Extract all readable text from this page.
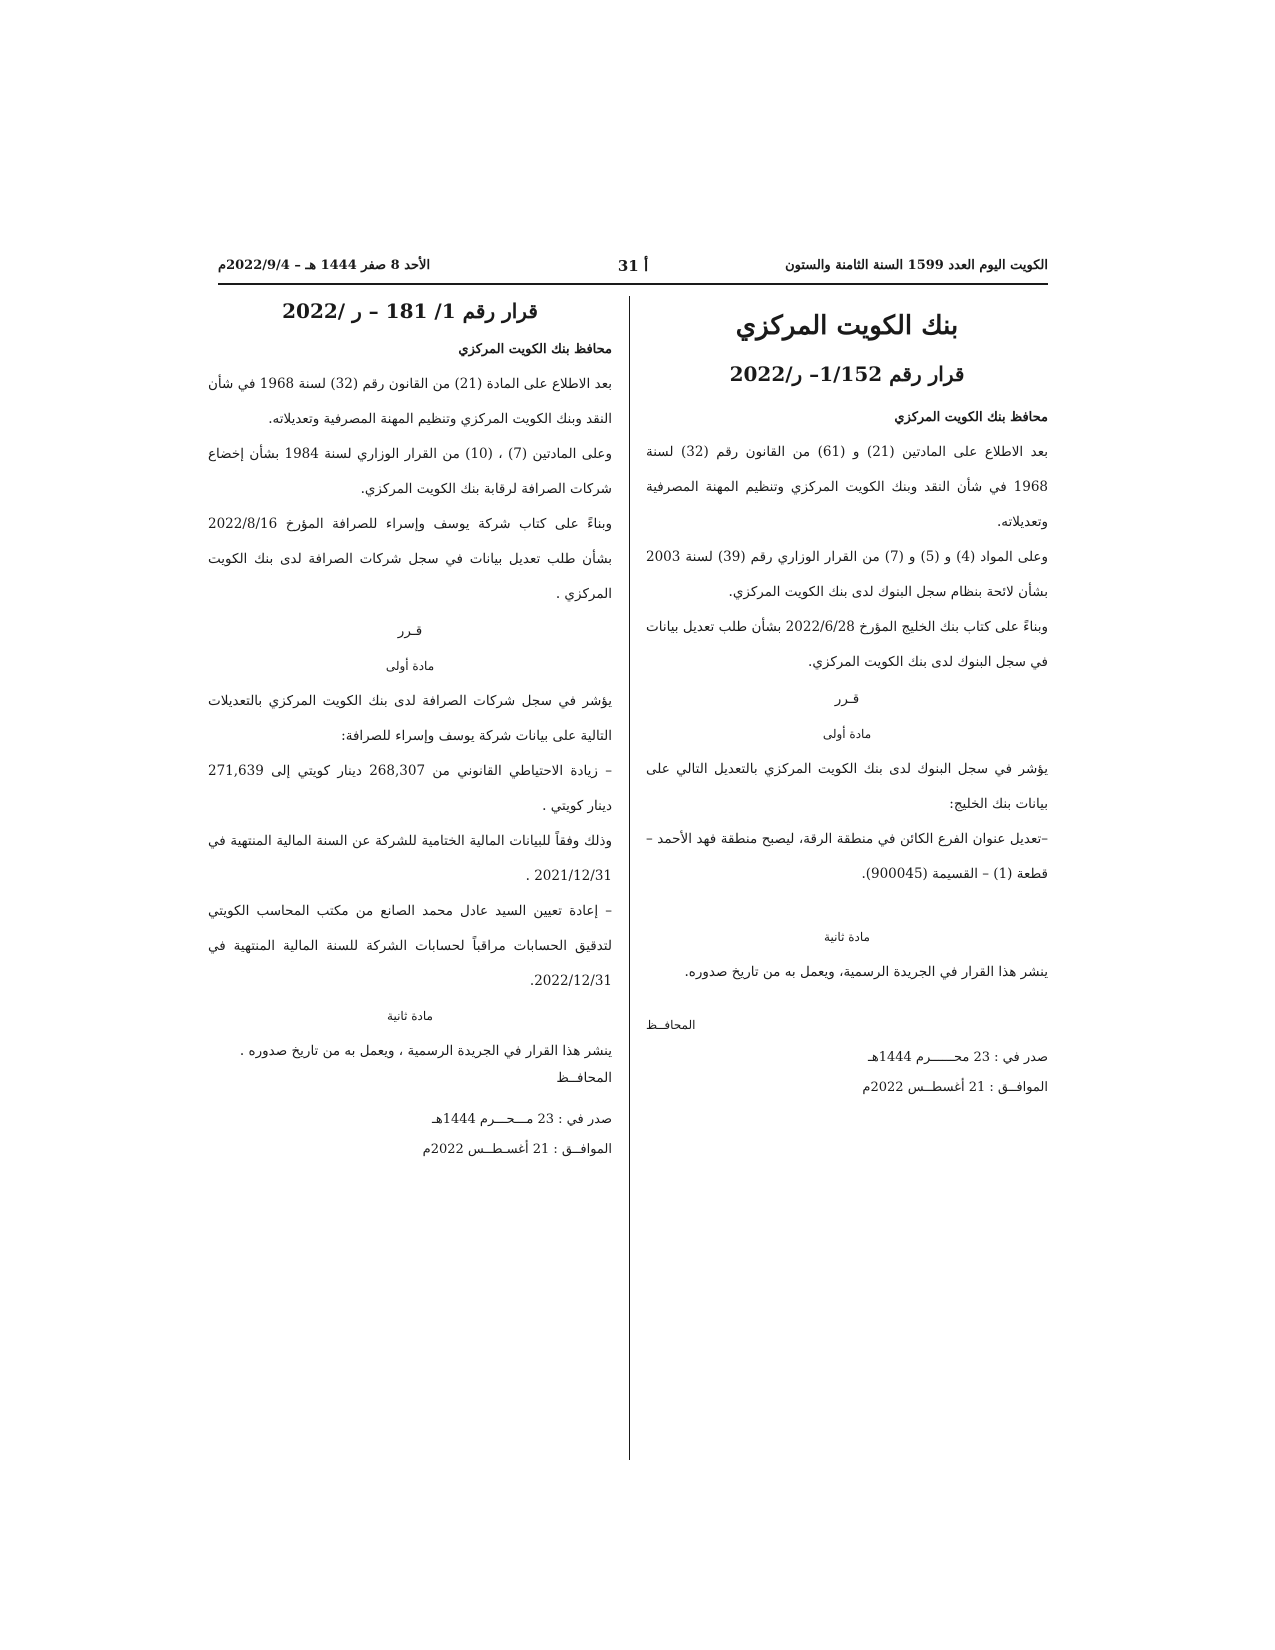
الكويت اليوم العدد 1599 السنة الثامنة والستون
أ 31
الأحد 8 صفر 1444 هـ – 2022/9/4م
بنك الكويت المركزي
قرار رقم 1/152– ر/2022

محافظ بنك الكويت المركزي

بعد الاطلاع على المادتين (21) و (61) من القانون رقم (32) لسنة 1968 في شأن النقد وبنك الكويت المركزي وتنظيم المهنة المصرفية وتعديلاته.

وعلى المواد (4) و (5) و (7) من القرار الوزاري رقم (39) لسنة 2003 بشأن لائحة بنظام سجل البنوك لدى بنك الكويت المركزي.

وبناءً على كتاب بنك الخليج المؤرخ 2022/6/28 بشأن طلب تعديل بيانات في سجل البنوك لدى بنك الكويت المركزي.

قـرر

مادة أولى

يؤشر في سجل البنوك لدى بنك الكويت المركزي بالتعديل التالي على بيانات بنك الخليج:

–تعديل عنوان الفرع الكائن في منطقة الرقة، ليصبح منطقة فهد الأحمد – قطعة (1) – القسيمة (900045).

مادة ثانية

ينشر هذا القرار في الجريدة الرسمية، ويعمل به من تاريخ صدوره.

المحافــظ

صدر في : 23 محــــــرم 1444هـ

الموافــق : 21 أغسطــس 2022م

قرار رقم 1/ 181 – ر /2022

محافظ بنك الكويت المركزي

بعد الاطلاع على المادة (21) من القانون رقم (32) لسنة 1968 في شأن النقد وبنك الكويت المركزي وتنظيم المهنة المصرفية وتعديلاته.

وعلى المادتين (7) ، (10) من القرار الوزاري لسنة 1984 بشأن إخضاع شركات الصرافة لرقابة بنك الكويت المركزي.

وبناءً على كتاب شركة يوسف وإسراء للصرافة المؤرخ 2022/8/16 بشأن طلب تعديل بيانات في سجل شركات الصرافة لدى بنك الكويت المركزي .

قـرر

مادة أولى

يؤشر في سجل شركات الصرافة لدى بنك الكويت المركزي بالتعديلات التالية على بيانات شركة يوسف وإسراء للصرافة:

– زيادة الاحتياطي القانوني من 268,307 دينار كويتي إلى 271,639 دينار كويتي .

وذلك وفقاً للبيانات المالية الختامية للشركة عن السنة المالية المنتهية في 2021/12/31 .

– إعادة تعيين السيد عادل محمد الصانع من مكتب المحاسب الكويتي لتدقيق الحسابات مراقباً لحسابات الشركة للسنة المالية المنتهية في 2022/12/31.

مادة ثانية

ينشر هذا القرار في الجريدة الرسمية ، ويعمل به من تاريخ صدوره .

المحافــظ

صدر في : 23 مـــحـــرم 1444هـ

الموافــق : 21 أغسـطــس 2022م
